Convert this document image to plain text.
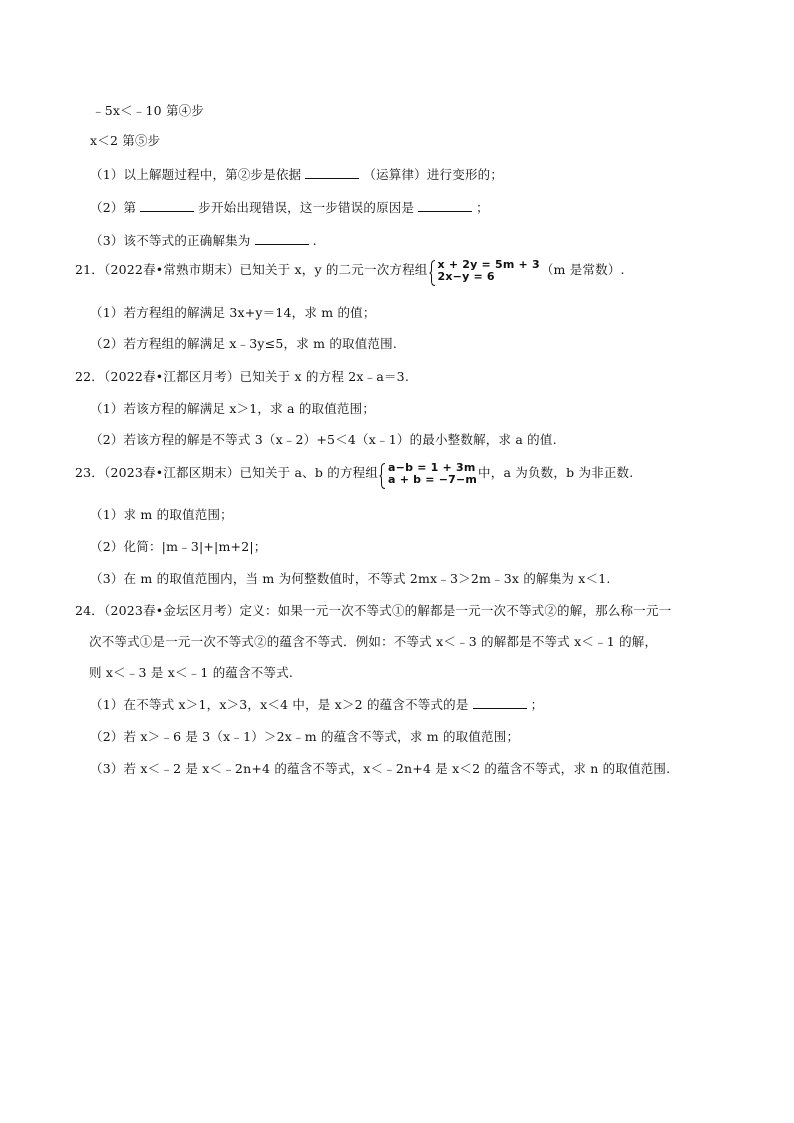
﹣5x＜﹣10 第④步
x＜2 第⑤步
（1）以上解题过程中，第②步是依据	（运算律）进行变形的；
（2）第	步开始出现错误，这一步错误的原因是	；
（3）该不等式的正确解集为	.
21．（2022春•常熟市期末）已知关于 x，y 的二元一次方程组 x + 2y = 5m + 3
2x−y = 6	（m 是常数）.
（1）若方程组的解满足 3x+y＝14，求 m 的值；
（2）若方程组的解满足 x﹣3y≤5，求 m 的取值范围.
22．（2022春•江都区月考）已知关于 x 的方程 2x﹣a＝3.
（1）若该方程的解满足 x＞1，求 a 的取值范围；
（2）若该方程的解是不等式 3（x﹣2）+5＜4（x﹣1）的最小整数解，求 a 的值.
23．（2023春•江都区期末）已知关于 a、b 的方程组 a−b = 1 + 3m
a + b = −7−m 中，a 为负数，b 为非正数.
（1）求 m 的取值范围；
（2）化简：|m﹣3|+|m+2|；
（3）在 m 的取值范围内，当 m 为何整数值时，不等式 2mx﹣3＞2m﹣3x 的解集为 x＜1.
24．（2023春•金坛区月考）定义：如果一元一次不等式①的解都是一元一次不等式②的解，那么称一元一
次不等式①是一元一次不等式②的蕴含不等式．例如：不等式 x＜﹣3 的解都是不等式 x＜﹣1 的解，
则 x＜﹣3 是 x＜﹣1 的蕴含不等式.
（1）在不等式 x＞1，x＞3，x＜4 中，是 x＞2 的蕴含不等式的是	；
（2）若 x＞﹣6 是 3（x﹣1）＞2x﹣m 的蕴含不等式，求 m 的取值范围；
（3）若 x＜﹣2 是 x＜﹣2n+4 的蕴含不等式，x＜﹣2n+4 是 x＜2 的蕴含不等式，求 n 的取值范围.
